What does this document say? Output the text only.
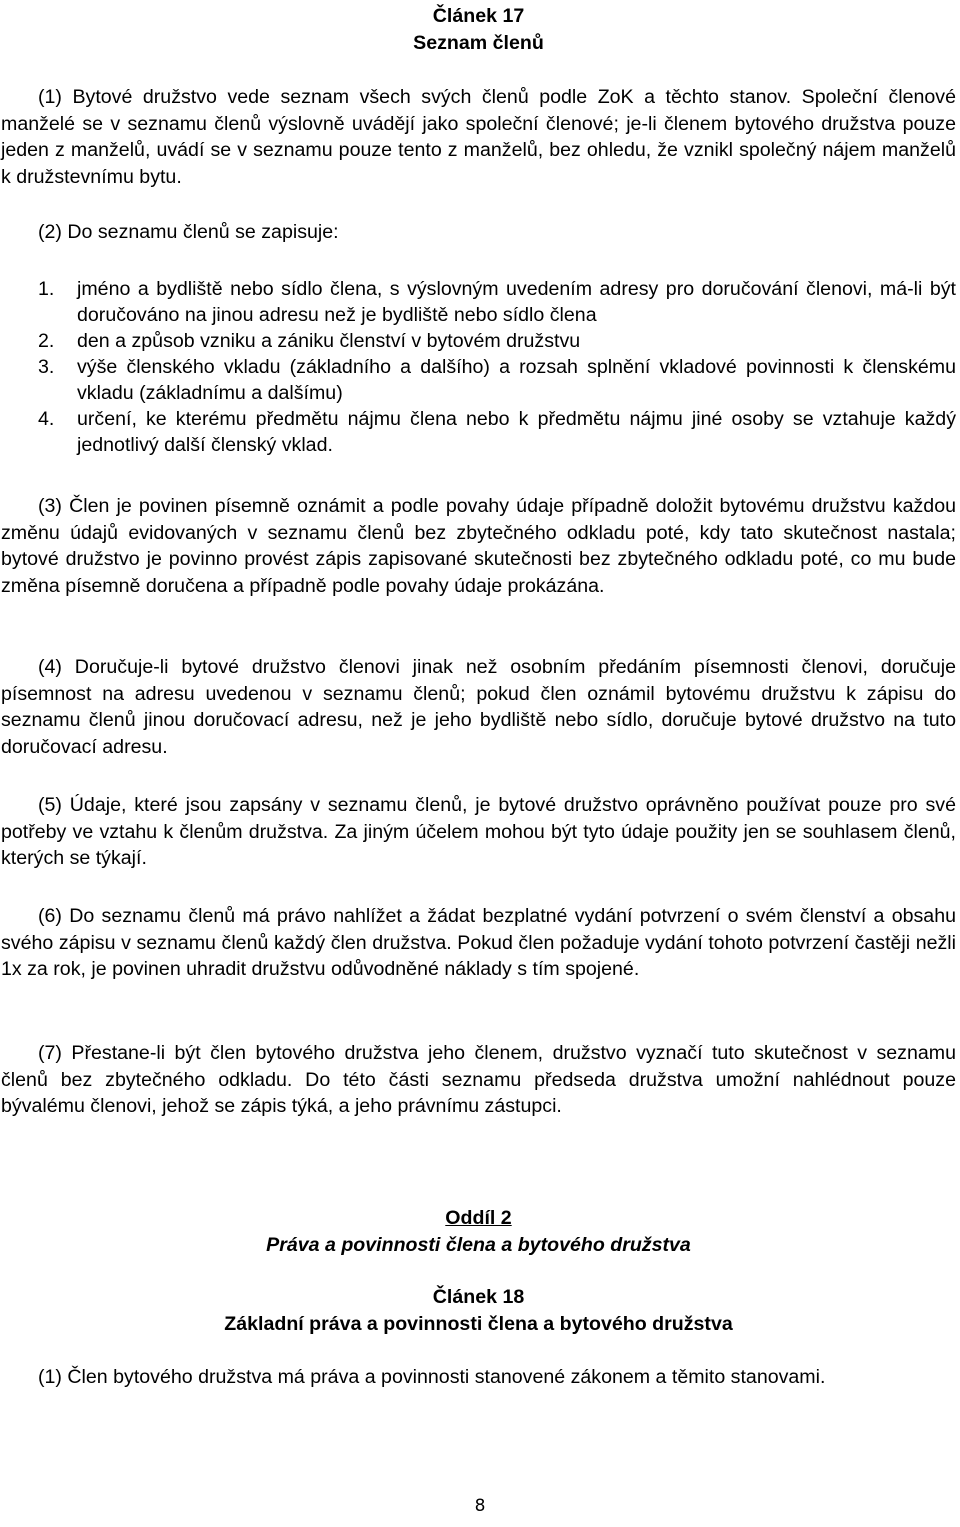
Článek 17

Seznam členů

(1) Bytové družstvo vede seznam všech svých členů podle ZoK a těchto stanov. Společní členové manželé se v seznamu členů výslovně uvádějí jako společní členové; je-li členem bytového družstva pouze jeden z manželů, uvádí se v seznamu pouze tento z manželů, bez ohledu, že vznikl společný nájem manželů k družstevnímu bytu.

(2) Do seznamu členů se zapisuje:

1. jméno a bydliště nebo sídlo člena, s výslovným uvedením adresy pro doručování členovi, má-li být doručováno na jinou adresu než je bydliště nebo sídlo člena
2. den a způsob vzniku a zániku členství v bytovém družstvu
3. výše členského vkladu (základního a dalšího) a rozsah splnění vkladové povinnosti k členskému vkladu (základnímu a dalšímu)
4. určení, ke kterému předmětu nájmu člena nebo k předmětu nájmu jiné osoby se vztahuje každý jednotlivý další členský vklad.

(3) Člen je povinen písemně oznámit a podle povahy údaje případně doložit bytovému družstvu každou změnu údajů evidovaných v seznamu členů bez zbytečného odkladu poté, kdy tato skutečnost nastala; bytové družstvo je povinno provést zápis zapisované skutečnosti bez zbytečného odkladu poté, co mu bude změna písemně doručena a případně podle povahy údaje prokázána.

(4) Doručuje-li bytové družstvo členovi jinak než osobním předáním písemnosti členovi, doručuje písemnost na adresu uvedenou v seznamu členů; pokud člen oznámil bytovému družstvu k zápisu do seznamu členů jinou doručovací adresu, než je jeho bydliště nebo sídlo, doručuje bytové družstvo na tuto doručovací adresu.

(5) Údaje, které jsou zapsány v seznamu členů, je bytové družstvo oprávněno používat pouze pro své potřeby ve vztahu k členům družstva. Za jiným účelem mohou být tyto údaje použity jen se souhlasem členů, kterých se týkají.

(6) Do seznamu členů má právo nahlížet a žádat bezplatné vydání potvrzení o svém členství a obsahu svého zápisu v seznamu členů každý člen družstva. Pokud člen požaduje vydání tohoto potvrzení častěji nežli 1x za rok, je povinen uhradit družstvu odůvodněné náklady s tím spojené.

(7) Přestane-li být člen bytového družstva jeho členem, družstvo vyznačí tuto skutečnost v seznamu členů bez zbytečného odkladu. Do této části seznamu předseda družstva umožní nahlédnout pouze bývalému členovi, jehož se zápis týká, a jeho právnímu zástupci.

Oddíl 2

Práva a povinnosti člena a bytového družstva

Článek 18

Základní práva a povinnosti člena a bytového družstva

(1) Člen bytového družstva má práva a povinnosti stanovené zákonem a těmito stanovami.

8
